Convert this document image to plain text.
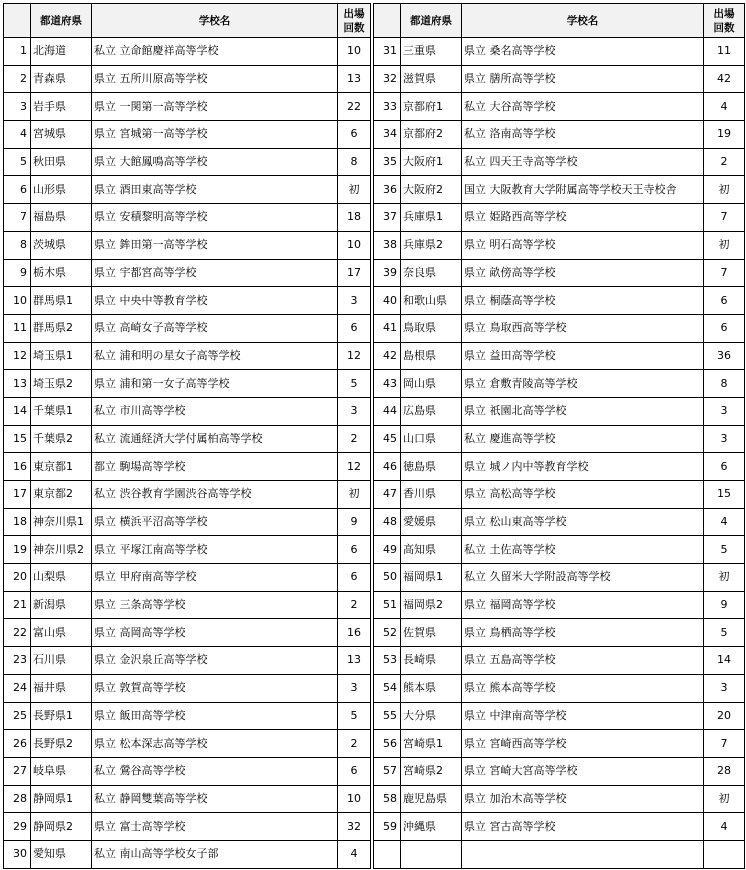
	都道府県	学校名	出場
回数
1	北海道	私立 立命館慶祥高等学校	10
2	青森県	県立 五所川原高等学校	13
3	岩手県	県立 一関第一高等学校	22
4	宮城県	県立 宮城第一高等学校	6
5	秋田県	県立 大館鳳鳴高等学校	8
6	山形県	県立 酒田東高等学校	初
7	福島県	県立 安積黎明高等学校	18
8	茨城県	県立 鉾田第一高等学校	10
9	栃木県	県立 宇都宮高等学校	17
10	群馬県1	県立 中央中等教育学校	3
11	群馬県2	県立 高崎女子高等学校	6
12	埼玉県1	私立 浦和明の星女子高等学校	12
13	埼玉県2	県立 浦和第一女子高等学校	5
14	千葉県1	私立 市川高等学校	3
15	千葉県2	私立 流通経済大学付属柏高等学校	2
16	東京都1	都立 駒場高等学校	12
17	東京都2	私立 渋谷教育学園渋谷高等学校	初
18	神奈川県1	県立 横浜平沼高等学校	9
19	神奈川県2	県立 平塚江南高等学校	6
20	山梨県	県立 甲府南高等学校	6
21	新潟県	県立 三条高等学校	2
22	富山県	県立 高岡高等学校	16
23	石川県	県立 金沢泉丘高等学校	13
24	福井県	県立 敦賀高等学校	3
25	長野県1	県立 飯田高等学校	5
26	長野県2	県立 松本深志高等学校	2
27	岐阜県	私立 鶯谷高等学校	6
28	静岡県1	私立 静岡雙葉高等学校	10
29	静岡県2	県立 富士高等学校	32
30	愛知県	私立 南山高等学校女子部	4
	都道府県	学校名	出場
回数
31	三重県	県立 桑名高等学校	11
32	滋賀県	県立 膳所高等学校	42
33	京都府1	私立 大谷高等学校	4
34	京都府2	私立 洛南高等学校	19
35	大阪府1	私立 四天王寺高等学校	2
36	大阪府2	国立 大阪教育大学附属高等学校天王寺校舎	初
37	兵庫県1	県立 姫路西高等学校	7
38	兵庫県2	県立 明石高等学校	初
39	奈良県	県立 畝傍高等学校	7
40	和歌山県	県立 桐蔭高等学校	6
41	鳥取県	県立 鳥取西高等学校	6
42	島根県	県立 益田高等学校	36
43	岡山県	県立 倉敷青陵高等学校	8
44	広島県	県立 祇園北高等学校	3
45	山口県	私立 慶進高等学校	3
46	徳島県	県立 城ノ内中等教育学校	6
47	香川県	県立 高松高等学校	15
48	愛媛県	県立 松山東高等学校	4
49	高知県	私立 土佐高等学校	5
50	福岡県1	私立 久留米大学附設高等学校	初
51	福岡県2	県立 福岡高等学校	9
52	佐賀県	県立 鳥栖高等学校	5
53	長崎県	県立 五島高等学校	14
54	熊本県	県立 熊本高等学校	3
55	大分県	県立 中津南高等学校	20
56	宮崎県1	県立 宮崎西高等学校	7
57	宮崎県2	県立 宮崎大宮高等学校	28
58	鹿児島県	県立 加治木高等学校	初
59	沖縄県	県立 宮古高等学校	4
